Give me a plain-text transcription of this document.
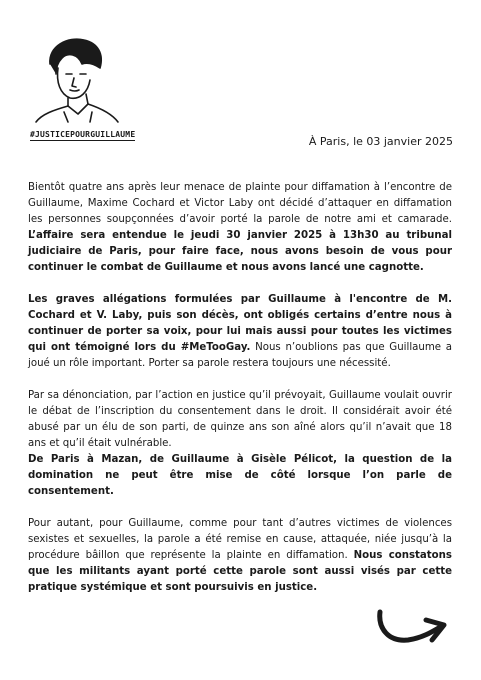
#JUSTICEPOURGUILLAUME
À Paris, le 03 janvier 2025

Bientôt quatre ans après leur menace de plainte pour diffamation à l’encontre de Guillaume, Maxime Cochard et Victor Laby ont décidé d’attaquer en diffamation les personnes soupçonnées d’avoir porté la parole de notre ami et camarade. L’affaire sera entendue le jeudi 30 janvier 2025 à 13h30 au tribunal judiciaire de Paris, pour faire face, nous avons besoin de vous pour continuer le combat de Guillaume et nous avons lancé une cagnotte.

Les graves allégations formulées par Guillaume à l'encontre de M. Cochard et V. Laby, puis son décès, ont obligés certains d’entre nous à continuer de porter sa voix, pour lui mais aussi pour toutes les victimes qui ont témoigné lors du #MeTooGay. Nous n’oublions pas que Guillaume a joué un rôle important. Porter sa parole restera toujours une nécessité.

Par sa dénonciation, par l’action en justice qu’il prévoyait, Guillaume voulait ouvrir le débat de l’inscription du consentement dans le droit. Il considérait avoir été abusé par un élu de son parti, de quinze ans son aîné alors qu’il n’avait que 18 ans et qu’il était vulnérable.
De Paris à Mazan, de Guillaume à Gisèle Pélicot, la question de la domination ne peut être mise de côté lorsque l’on parle de consentement.

Pour autant, pour Guillaume, comme pour tant d’autres victimes de violences sexistes et sexuelles, la parole a été remise en cause, attaquée, niée jusqu’à la procédure bâillon que représente la plainte en diffamation. Nous constatons que les militants ayant porté cette parole sont aussi visés par cette pratique systémique et sont poursuivis en justice.
